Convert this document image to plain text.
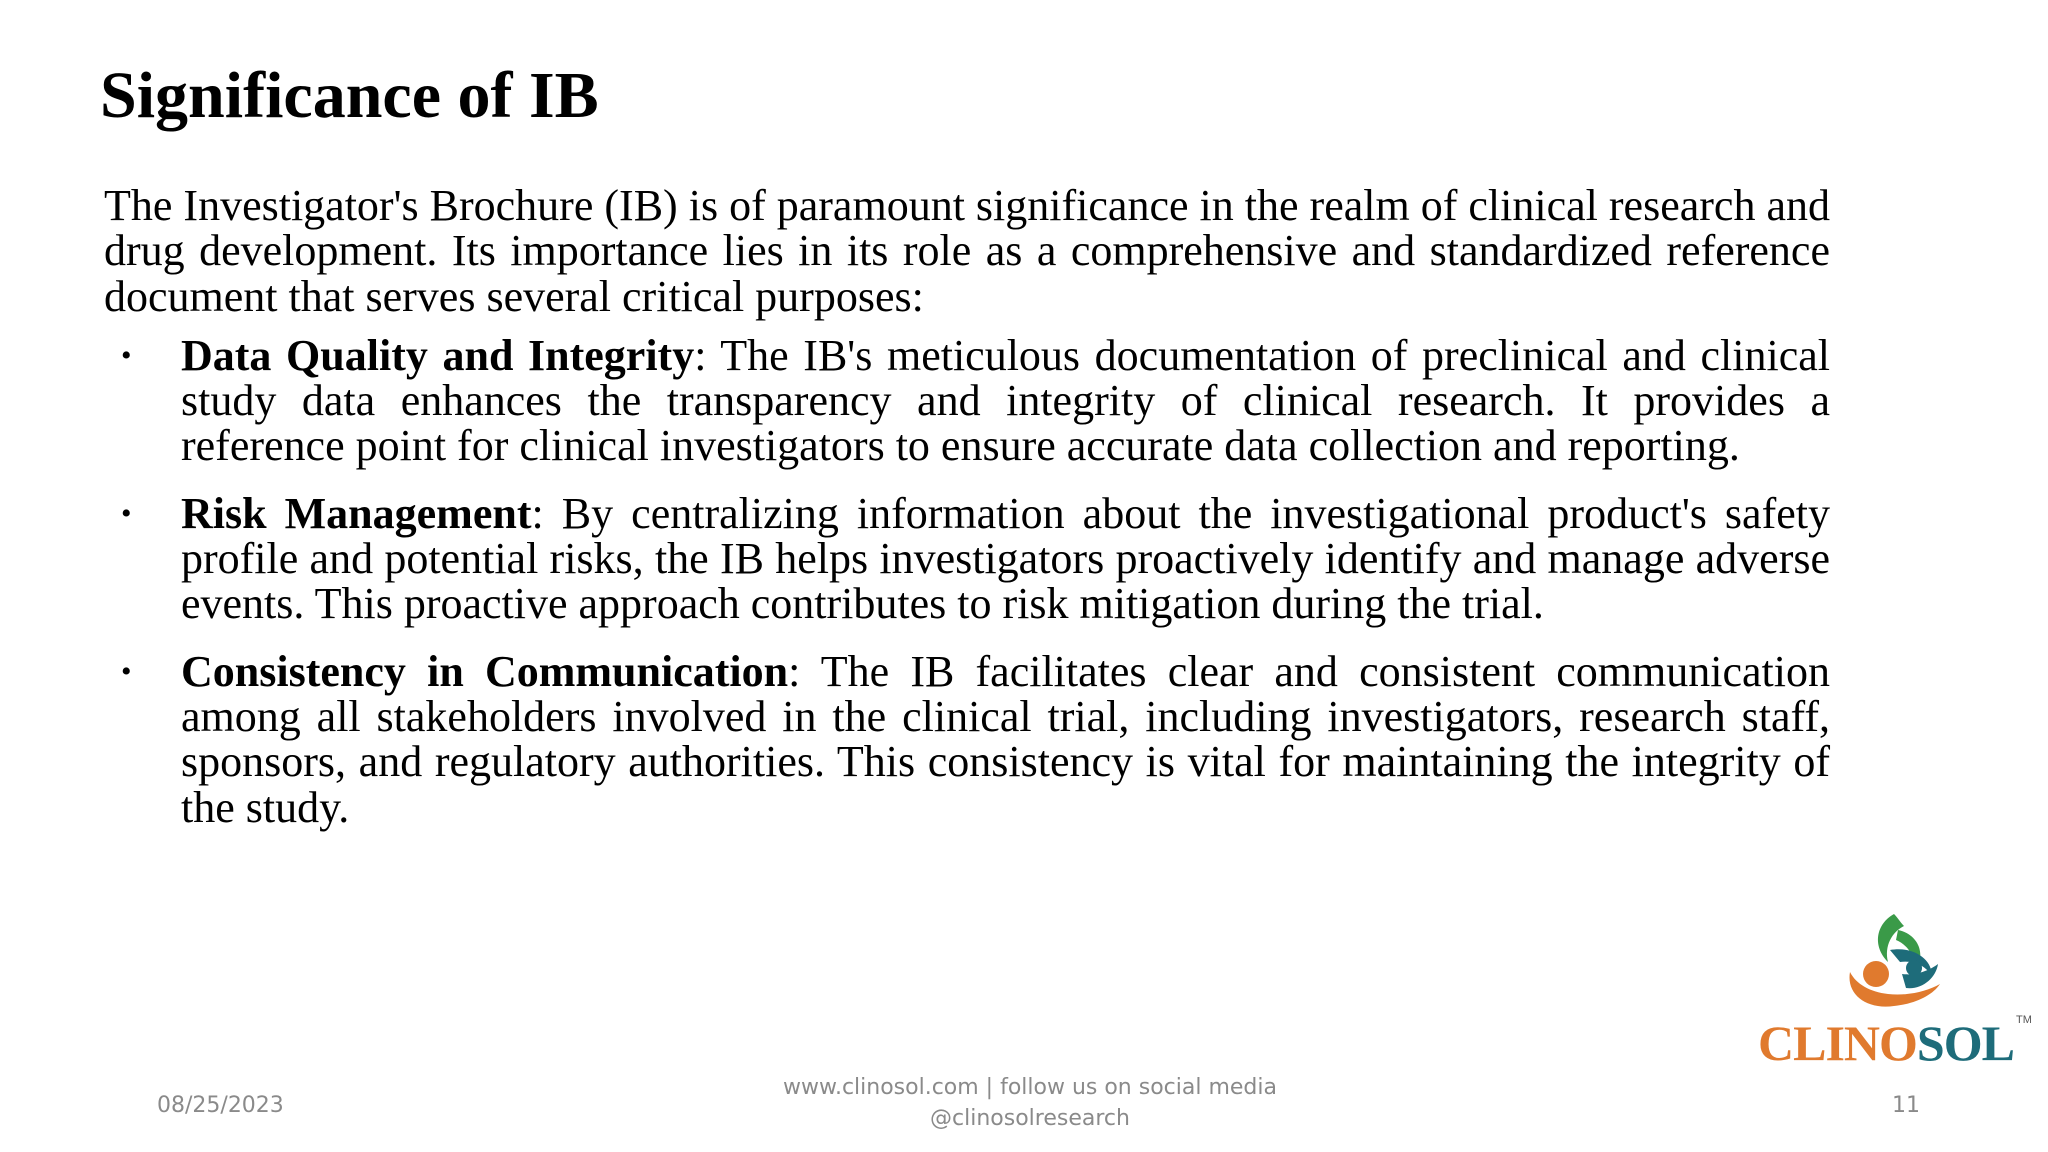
Significance of IB

The Investigator's Brochure (IB) is of paramount significance in the realm of clinical research and drug development. Its importance lies in its role as a comprehensive and standardized reference document that serves several critical purposes:

• Data Quality and Integrity: The IB's meticulous documentation of preclinical and clinical study data enhances the transparency and integrity of clinical research. It provides a reference point for clinical investigators to ensure accurate data collection and reporting.
• Risk Management: By centralizing information about the investigational product's safety profile and potential risks, the IB helps investigators proactively identify and manage adverse events. This proactive approach contributes to risk mitigation during the trial.
• Consistency in Communication: The IB facilitates clear and consistent communication among all stakeholders involved in the clinical trial, including investigators, research staff, sponsors, and regulatory authorities. This consistency is vital for maintaining the integrity of the study.
CLINOSOL TM
08/25/2023
www.clinosol.com | follow us on social media
@clinosolresearch
11
